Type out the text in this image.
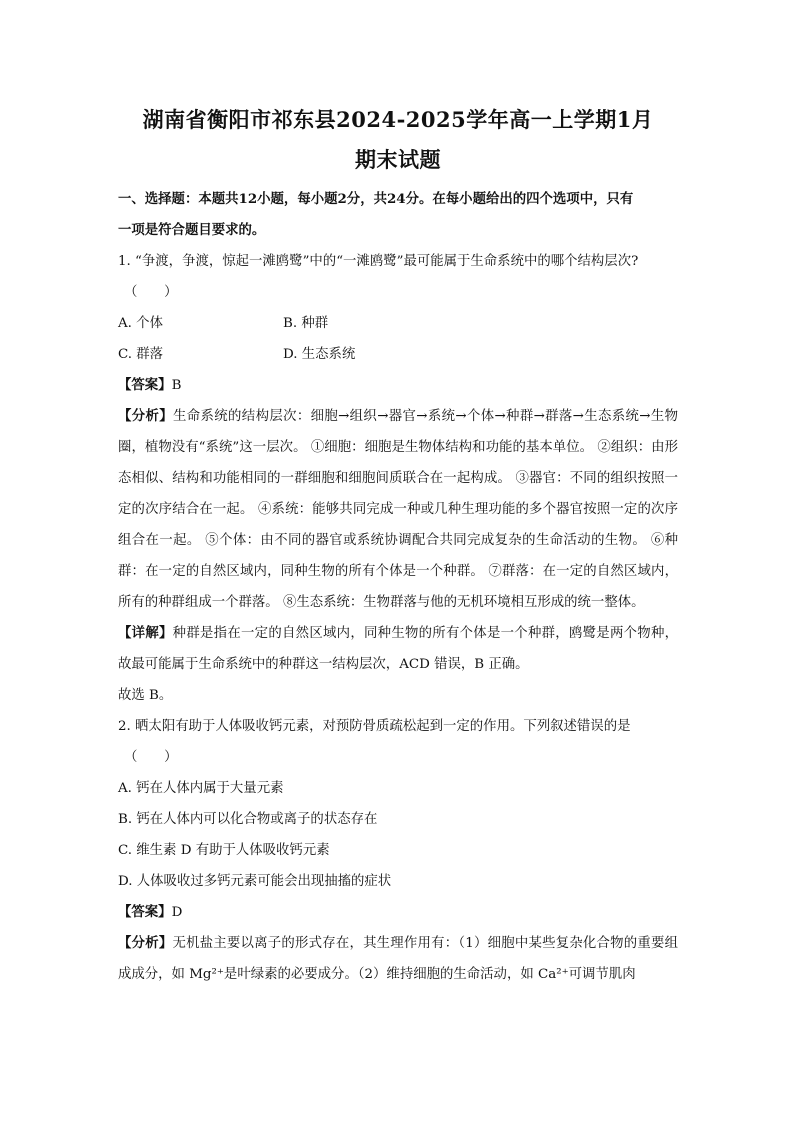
湖南省衡阳市祁东县2024-2025学年高一上学期1月
期末试题
一、选择题：本题共12小题，每小题2分，共24分。在每小题给出的四个选项中，只有
一项是符合题目要求的。
1. “争渡，争渡，惊起一滩鸥鹭”中的“一滩鸥鹭”最可能属于生命系统中的哪个结构层次?
（　　）
A. 个体	B. 种群
C. 群落	D. 生态系统
【答案】B
【分析】生命系统的结构层次：细胞→组织→器官→系统→个体→种群→群落→生态系统→生物圈，植物没有“系统”这一层次。 ①细胞：细胞是生物体结构和功能的基本单位。 ②组织：由形态相似、结构和功能相同的一群细胞和细胞间质联合在一起构成。 ③器官：不同的组织按照一定的次序结合在一起。 ④系统：能够共同完成一种或几种生理功能的多个器官按照一定的次序组合在一起。 ⑤个体：由不同的器官或系统协调配合共同完成复杂的生命活动的生物。 ⑥种群：在一定的自然区域内，同种生物的所有个体是一个种群。 ⑦群落：在一定的自然区域内，所有的种群组成一个群落。 ⑧生态系统：生物群落与他的无机环境相互形成的统一整体。
【详解】种群是指在一定的自然区域内，同种生物的所有个体是一个种群，鸥鹭是两个物种，故最可能属于生命系统中的种群这一结构层次，ACD 错误，B 正确。
故选 B。
2. 晒太阳有助于人体吸收钙元素，对预防骨质疏松起到一定的作用。下列叙述错误的是
（　　）
A. 钙在人体内属于大量元素
B. 钙在人体内可以化合物或离子的状态存在
C. 维生素 D 有助于人体吸收钙元素
D. 人体吸收过多钙元素可能会出现抽搐的症状
【答案】D
【分析】无机盐主要以离子的形式存在，其生理作用有：（1）细胞中某些复杂化合物的重要组成成分，如 Mg²⁺是叶绿素的必要成分。（2）维持细胞的生命活动，如 Ca²⁺可调节肌肉
